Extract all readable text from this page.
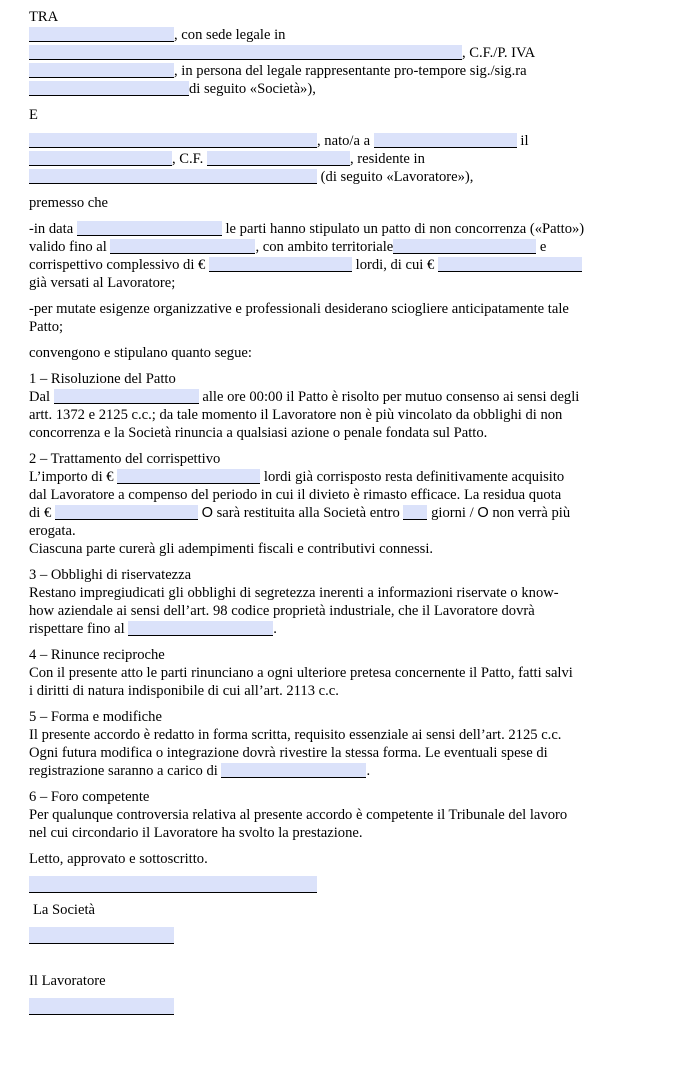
TRA
, con sede legale in
, C.F./P. IVA
, in persona del legale rappresentante pro-tempore sig./sig.ra
di seguito «Società»),
E
, nato/a a	il
, C.F.	, residente in
(di seguito «Lavoratore»),
premesso che
-in data	le parti hanno stipulato un patto di non concorrenza («Patto»)
valido fino al	, con ambito territoriale	e
corrispettivo complessivo di €	lordi, di cui €
già versati al Lavoratore;
-per mutate esigenze organizzative e professionali desiderano sciogliere anticipatamente tale
Patto;
convengono e stipulano quanto segue:
1 – Risoluzione del Patto
Dal	alle ore 00:00 il Patto è risolto per mutuo consenso ai sensi degli
artt. 1372 e 2125 c.c.; da tale momento il Lavoratore non è più vincolato da obblighi di non
concorrenza e la Società rinuncia a qualsiasi azione o penale fondata sul Patto.
2 – Trattamento del corrispettivo
L’importo di €	lordi già corrisposto resta definitivamente acquisito
dal Lavoratore a compenso del periodo in cui il divieto è rimasto efficace. La residua quota
di €	O sarà restituita alla Società entro giorni / O non verrà più
erogata.
Ciascuna parte curerà gli adempimenti fiscali e contributivi connessi.
3 – Obblighi di riservatezza
Restano impregiudicati gli obblighi di segretezza inerenti a informazioni riservate o know-
how aziendale ai sensi dell’art. 98 codice proprietà industriale, che il Lavoratore dovrà
rispettare fino al	.
4 – Rinunce reciproche
Con il presente atto le parti rinunciano a ogni ulteriore pretesa concernente il Patto, fatti salvi
i diritti di natura indisponibile di cui all’art. 2113 c.c.
5 – Forma e modifiche
Il presente accordo è redatto in forma scritta, requisito essenziale ai sensi dell’art. 2125 c.c.
Ogni futura modifica o integrazione dovrà rivestire la stessa forma. Le eventuali spese di
registrazione saranno a carico di	.
6 – Foro competente
Per qualunque controversia relativa al presente accordo è competente il Tribunale del lavoro
nel cui circondario il Lavoratore ha svolto la prestazione.
Letto, approvato e sottoscritto.
La Società
Il Lavoratore
